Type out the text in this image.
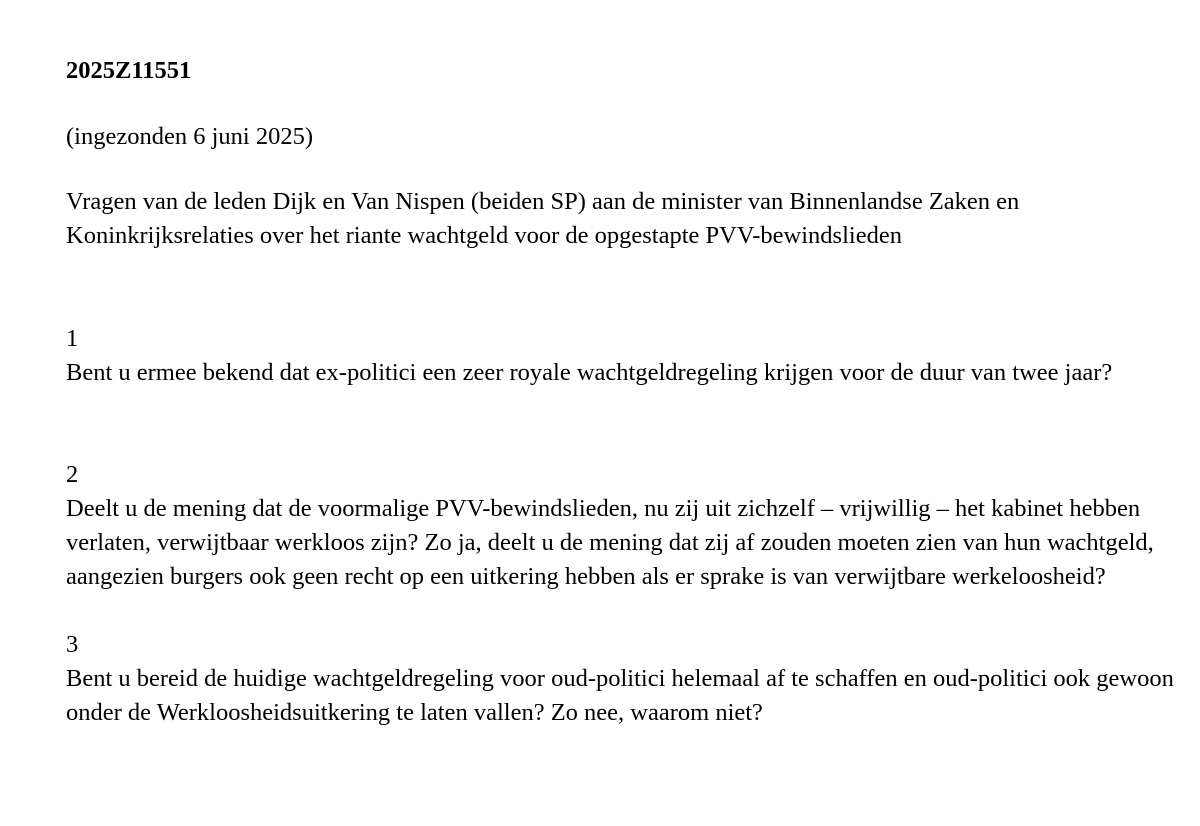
2025Z11551

(ingezonden 6 juni 2025)

Vragen van de leden Dijk en Van Nispen (beiden SP) aan de minister van Binnenlandse Zaken en Koninkrijksrelaties over het riante wachtgeld voor de opgestapte PVV-bewindslieden

1
Bent u ermee bekend dat ex-politici een zeer royale wachtgeldregeling krijgen voor de duur van twee jaar?
2
Deelt u de mening dat de voormalige PVV-bewindslieden, nu zij uit zichzelf – vrijwillig – het kabinet hebben verlaten, verwijtbaar werkloos zijn? Zo ja, deelt u de mening dat zij af zouden moeten zien van hun wachtgeld, aangezien burgers ook geen recht op een uitkering hebben als er sprake is van verwijtbare werkeloosheid?
3
Bent u bereid de huidige wachtgeldregeling voor oud-politici helemaal af te schaffen en oud-politici ook gewoon onder de Werkloosheidsuitkering te laten vallen? Zo nee, waarom niet?
